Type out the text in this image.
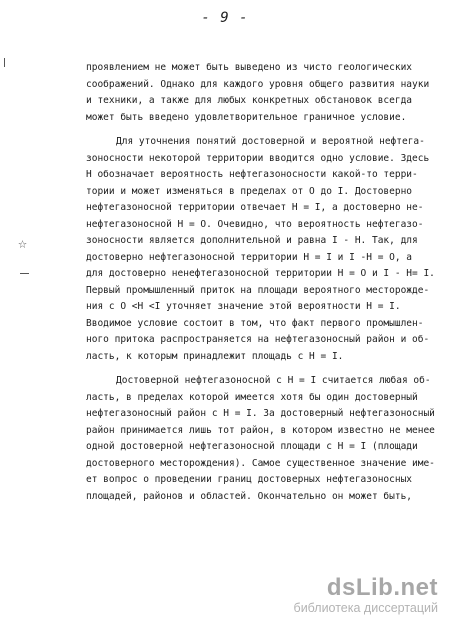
- 9 -
☆
проявлением не может быть выведено из чисто геологических
соображений. Однако для каждого уровня общего развития науки
и техники, а также для любых конкретных обстановок всегда
может быть введено удовлетворительное граничное условие.
Для уточнения понятий достоверной и вероятной нефтега-
зоносности некоторой территории вводится одно условие. Здесь
Н обозначает вероятность нефтегазоносности какой-то терри-
тории и может изменяться в пределах от О до I. Достоверно
нефтегазоносной территории отвечает Н = I, а достоверно не-
нефтегазоносной Н = О. Очевидно, что вероятность нефтегазо-
зоносности является дополнительной и равна I - Н. Так, для
достоверно нефтегазоносной территории Н = I и I -Н = О, а
для достоверно ненефтегазоносной территории Н = О и I - Н= I.
Первый промышленный приток на площади вероятного месторожде-
ния с О <Н <I уточняет значение этой вероятности Н = I.
Вводимое условие состоит в том, что факт первого промышлен-
ного притока распространяется на нефтегазоносный район и об-
ласть, к которым принадлежит площадь с Н = I.
Достоверной нефтегазоносной с Н = I считается любая об-
ласть, в пределах которой имеется хотя бы один достоверный
нефтегазоносный район с Н = I. За достоверный нефтегазоносный
район принимается лишь тот район, в котором известно не менее
одной достоверной нефтегазоносной площади с Н = I (площади
достоверного месторождения). Самое существенное значение име-
ет вопрос о проведении границ достоверных нефтегазоносных
площадей, районов и областей. Окончательно он может быть,
dsLib.net
библиотека диссертаций
